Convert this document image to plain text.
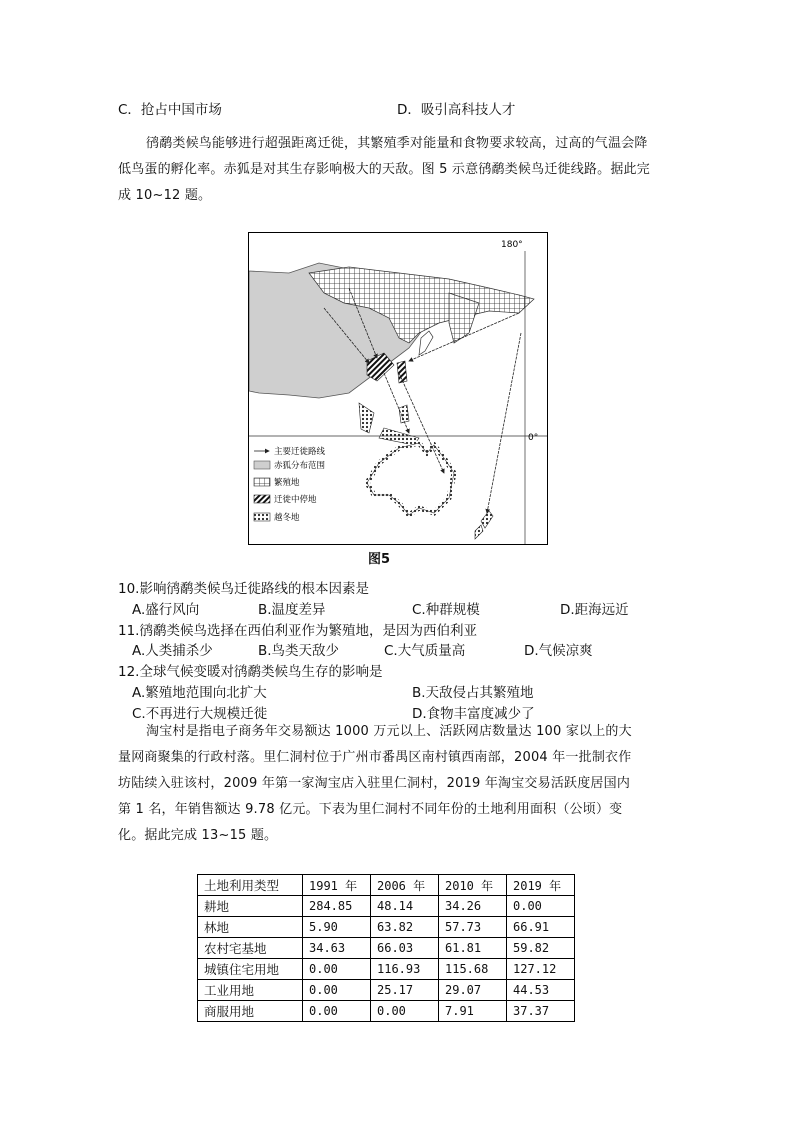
C．抢占中国市场	D．吸引高科技人才
鸻鹬类候鸟能够进行超强距离迁徙，其繁殖季对能量和食物要求较高，过高的气温会降
低鸟蛋的孵化率。赤狐是对其生存影响极大的天敌。图 5 示意鸻鹬类候鸟迁徙线路。据此完
成 10~12 题。
180°
0°
主要迁徙路线
赤狐分布范围
繁殖地
迁徙中停地
越冬地
图5
10.影响鸻鹬类候鸟迁徙路线的根本因素是
A.盛行风向	B.温度差异	C.种群规模	D.距海远近
11.鸻鹬类候鸟选择在西伯利亚作为繁殖地，是因为西伯利亚
A.人类捕杀少	B.鸟类天敌少	C.大气质量高	D.气候凉爽
12.全球气候变暖对鸻鹬类候鸟生存的影响是
A.繁殖地范围向北扩大	B.天敌侵占其繁殖地
C.不再进行大规模迁徙	D.食物丰富度减少了
淘宝村是指电子商务年交易额达 1000 万元以上、活跃网店数量达 100 家以上的大
量网商聚集的行政村落。里仁洞村位于广州市番禺区南村镇西南部，2004 年一批制衣作
坊陆续入驻该村，2009 年第一家淘宝店入驻里仁洞村，2019 年淘宝交易活跃度居国内
第 1 名，年销售额达 9.78 亿元。下表为里仁洞村不同年份的土地利用面积（公顷）变
化。据此完成 13~15 题。
土地利用类型	1991 年	2006 年	2010 年	2019 年
耕地	284.85	48.14	34.26	0.00
林地	5.90	63.82	57.73	66.91
农村宅基地	34.63	66.03	61.81	59.82
城镇住宅用地	0.00	116.93	115.68	127.12
工业用地	0.00	25.17	29.07	44.53
商服用地	0.00	0.00	7.91	37.37
